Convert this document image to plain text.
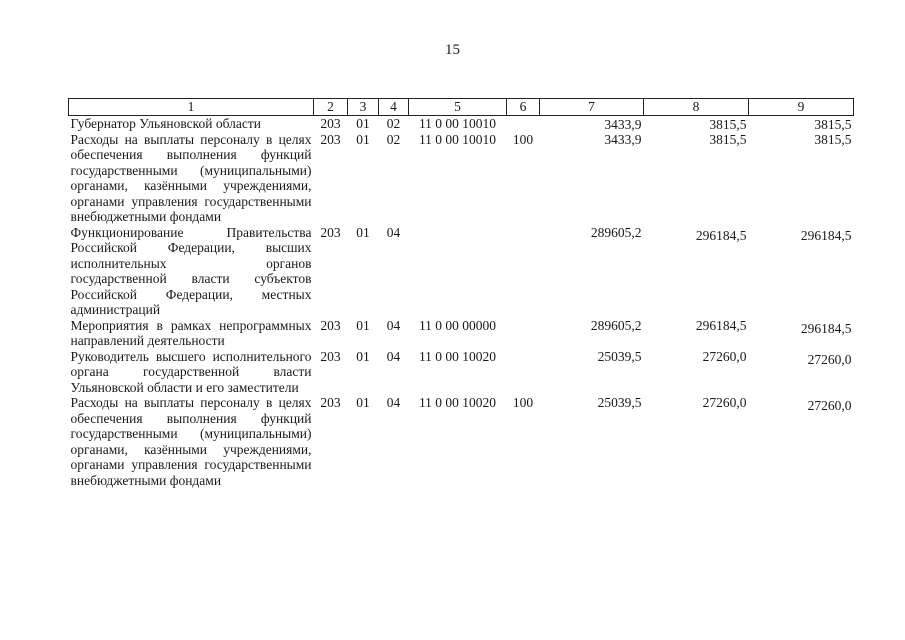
15
1	2	3	4	5	6	7	8	9
Губернатор Ульяновской области	203	01	02	11 0 00 10010		3433,9	3815,5	3815,5
Расходы на выплаты персоналу в целях обеспечения выполнения функций государственными (муниципальными) органами, казёнными учреждениями, органами управления государственными внебюджетными фондами	203	01	02	11 0 00 10010	100	3433,9	3815,5	3815,5
Функционирование Правительства Российской Федерации, высших исполнительных органов государственной власти субъектов Российской Федерации, местных администраций	203	01	04			289605,2	296184,5	296184,5
Мероприятия в рамках непрограммных направлений деятельности	203	01	04	11 0 00 00000		289605,2	296184,5	296184,5
Руководитель высшего исполнительного органа государственной власти Ульяновской области и его заместители	203	01	04	11 0 00 10020		25039,5	27260,0	27260,0
Расходы на выплаты персоналу в целях обеспечения выполнения функций государственными (муниципальными) органами, казёнными учреждениями, органами управления государственными внебюджетными фондами	203	01	04	11 0 00 10020	100	25039,5	27260,0	27260,0
